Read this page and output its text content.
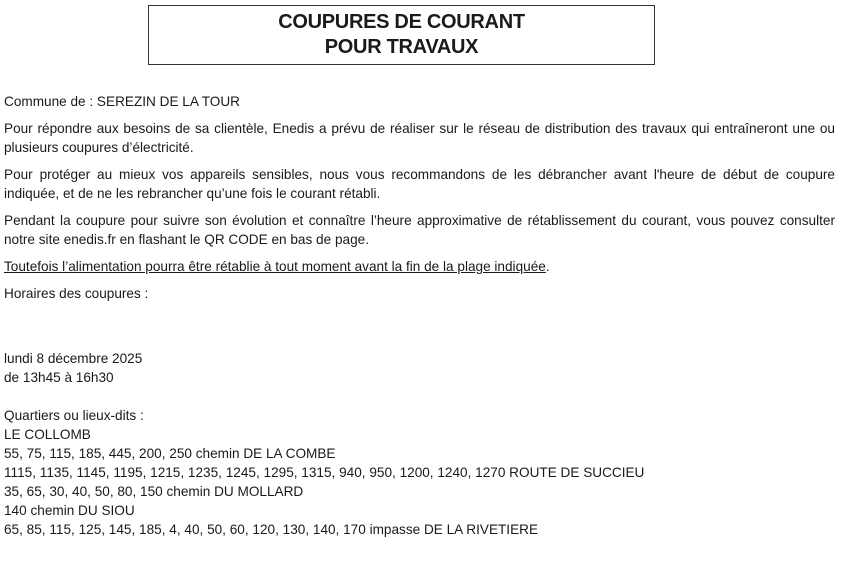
COUPURES DE COURANT
POUR TRAVAUX

Commune de : SEREZIN DE LA TOUR

Pour répondre aux besoins de sa clientèle, Enedis a prévu de réaliser sur le réseau de distribution des travaux qui entraîneront une ou plusieurs coupures d’électricité.

Pour protéger au mieux vos appareils sensibles, nous vous recommandons de les débrancher avant l'heure de début de coupure indiquée, et de ne les rebrancher qu’une fois le courant rétabli.

Pendant la coupure pour suivre son évolution et connaître l’heure approximative de rétablissement du courant, vous pouvez consulter notre site enedis.fr en flashant le QR CODE en bas de page.

Toutefois l’alimentation pourra être rétablie à tout moment avant la fin de la plage indiquée.

Horaires des coupures :

lundi 8 décembre 2025
de 13h45 à 16h30
Quartiers ou lieux-dits :
LE COLLOMB
55, 75, 115, 185, 445, 200, 250 chemin DE LA COMBE
1115, 1135, 1145, 1195, 1215, 1235, 1245, 1295, 1315, 940, 950, 1200, 1240, 1270 ROUTE DE SUCCIEU
35, 65, 30, 40, 50, 80, 150 chemin DU MOLLARD
140 chemin DU SIOU
65, 85, 115, 125, 145, 185, 4, 40, 50, 60, 120, 130, 140, 170 impasse DE LA RIVETIERE
